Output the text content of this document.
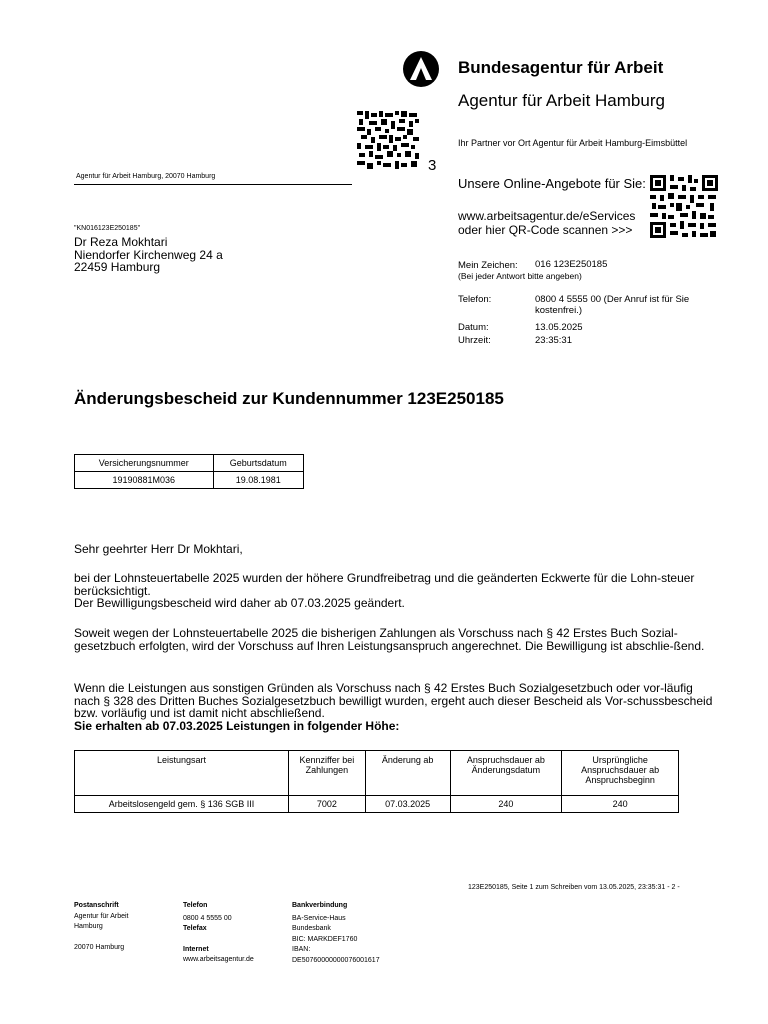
Bundesagentur für Arbeit
Agentur für Arbeit Hamburg
3
Ihr Partner vor Ort Agentur für Arbeit Hamburg-Eimsbüttel
Agentur für Arbeit Hamburg, 20070 Hamburg	Unsere Online-Angebote für Sie:
www.arbeitsagentur.de/eServices
oder hier QR-Code scannen >>>
"KN016123E250185"
Dr Reza Mokhtari
Niendorfer Kirchenweg 24 a
22459 Hamburg	Mein Zeichen: 016 123E250185
(Bei jeder Antwort bitte angeben)
Telefon:	0800 4 5555 00 (Der Anruf ist für Sie kostenfrei.)
Datum:	13.05.2025
Uhrzeit:	23:35:31
Änderungsbescheid zur Kundennummer 123E250185
Versicherungsnummer	Geburtsdatum
19190881M036	19.08.1981
Sehr geehrter Herr Dr Mokhtari,

bei der Lohnsteuertabelle 2025 wurden der höhere Grundfreibetrag und die geänderten Eckwerte für die Lohn-steuer berücksichtigt.

Der Bewilligungsbescheid wird daher ab 07.03.2025 geändert.

Soweit wegen der Lohnsteuertabelle 2025 die bisherigen Zahlungen als Vorschuss nach § 42 Erstes Buch Sozial-gesetzbuch erfolgten, wird der Vorschuss auf Ihren Leistungsanspruch angerechnet. Die Bewilligung ist abschlie-ßend.

Wenn die Leistungen aus sonstigen Gründen als Vorschuss nach § 42 Erstes Buch Sozialgesetzbuch oder vor-läufig nach § 328 des Dritten Buches Sozialgesetzbuch bewilligt wurden, ergeht auch dieser Bescheid als Vor-schussbescheid bzw. vorläufig und ist damit nicht abschließend.

Sie erhalten ab 07.03.2025 Leistungen in folgender Höhe:

Leistungsart	Kennziffer bei Zahlungen	Änderung ab	Anspruchsdauer ab Änderungsdatum	Ursprüngliche Anspruchsdauer ab Anspruchsbeginn
Arbeitslosengeld gem. § 136 SGB III	7002	07.03.2025	240	240
123E250185, Seite 1 zum Schreiben vom 13.05.2025, 23:35:31 - 2 -
Postanschrift
Agentur für Arbeit
Hamburg
20070 Hamburg
Telefon
0800 4 5555 00
Telefax
Internet
www.arbeitsagentur.de
Bankverbindung
BA-Service-Haus
Bundesbank
BIC: MARKDEF1760
IBAN:
DE50760000000076001617
